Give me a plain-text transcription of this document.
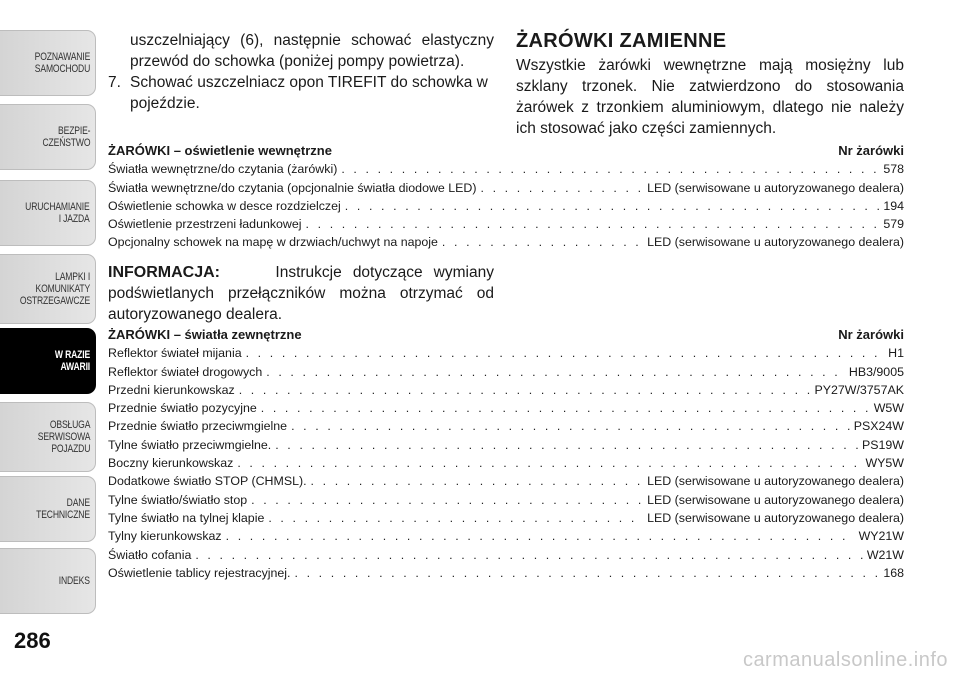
POZNAWANIE
SAMOCHODU
BEZPIE-
CZEŃSTWO
URUCHAMIANIE
I JAZDA
LAMPKI I
KOMUNIKATY
OSTRZEGAWCZE
W RAZIE
AWARII
OBSŁUGA
SERWISOWA
POJAZDU
DANE
TECHNICZNE
INDEKS
286
uszczelniający (6), następnie schować elastyczny przewód do schowka (poniżej pompy powietrza).
7. Schować uszczelniacz opon TIREFIT do schowka w pojeździe.
ŻARÓWKI ZAMIENNE
Wszystkie żarówki wewnętrzne mają mosiężny lub szklany trzonek. Nie zatwierdzono do stosowania żarówek z trzonkiem aluminiowym, dlatego nie należy ich stosować jako części zamiennych.
ŻARÓWKI – oświetlenie wewnętrzne	Nr żarówki
Światła wewnętrzne/do czytania (żarówki) . . .	578
Światła wewnętrzne/do czytania (opcjonalnie światła diodowe LED) . . .	LED (serwisowane u autoryzowanego dealera)
Oświetlenie schowka w desce rozdzielczej . . .	194
Oświetlenie przestrzeni ładunkowej . . .	579
Opcjonalny schowek na mapę w drzwiach/uchwyt na napoje . . .	LED (serwisowane u autoryzowanego dealera)
INFORMACJA:	Instrukcje dotyczące wymiany podświetlanych przełączników można otrzymać od autoryzowanego dealera.
ŻARÓWKI – światła zewnętrzne	Nr żarówki
Reflektor świateł mijania . . .	H1
Reflektor świateł drogowych . . .	HB3/9005
Przedni kierunkowskaz . . .	PY27W/3757AK
Przednie światło pozycyjne . . .	W5W
Przednie światło przeciwmgielne . . .	PSX24W
Tylne światło przeciwmgielne. . . .	PS19W
Boczny kierunkowskaz . . .	WY5W
Dodatkowe światło STOP (CHMSL). . . .	LED (serwisowane u autoryzowanego dealera)
Tylne światło/światło stop . . .	LED (serwisowane u autoryzowanego dealera)
Tylne światło na tylnej klapie . . .	LED (serwisowane u autoryzowanego dealera)
Tylny kierunkowskaz . . .	WY21W
Światło cofania . . .	W21W
Oświetlenie tablicy rejestracyjnej. . . .	168
carmanualsonline.info
